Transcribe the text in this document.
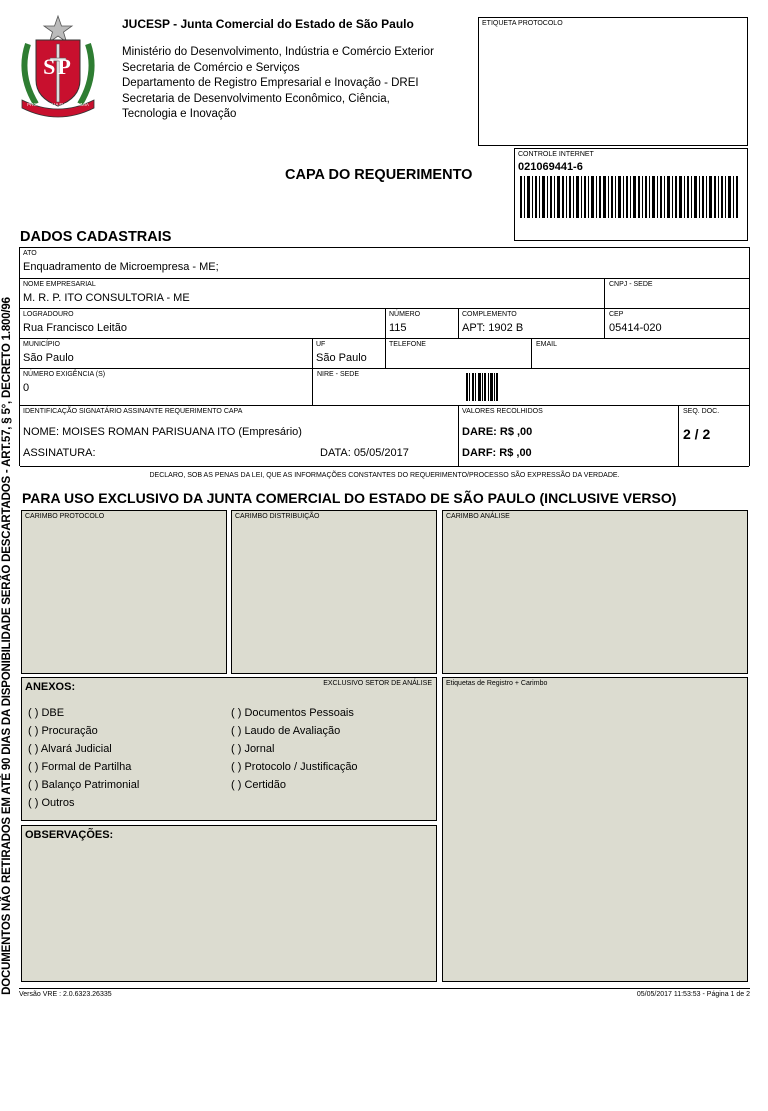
SP
PRO BRASILIA FIANT EXIMIA
JUCESP - Junta Comercial do Estado de São Paulo
Ministério do Desenvolvimento, Indústria e Comércio Exterior
Secretaria de Comércio e Serviços
Departamento de Registro Empresarial e Inovação - DREI
Secretaria de Desenvolvimento Econômico, Ciência,
Tecnologia e Inovação
ETIQUETA PROTOCOLO
CONTROLE INTERNET
021069441-6
CAPA DO REQUERIMENTO
DADOS CADASTRAIS
DOCUMENTOS NÃO RETIRADOS EM ATÉ 90 DIAS DA DISPONIBILIDADE SERÃO DESCARTADOS - ART.57, § 5°, DECRETO 1.800/96
ATO
Enquadramento de Microempresa - ME;
NOME EMPRESARIAL
M. R. P. ITO CONSULTORIA - ME
CNPJ - SEDE
LOGRADOURO
Rua Francisco Leitão
NÚMERO
115
COMPLEMENTO
APT: 1902 B
CEP
05414-020
MUNICÍPIO
São Paulo
UF
São Paulo
TELEFONE	EMAIL
NÚMERO EXIGÊNCIA (S)
0
NIRE - SEDE
IDENTIFICAÇÃO SIGNATÁRIO ASSINANTE REQUERIMENTO CAPA
NOME: MOISES ROMAN PARISUANA ITO (Empresário)
ASSINATURA:	DATA: 05/05/2017
VALORES RECOLHIDOS
DARE: R$ ,00
DARF: R$ ,00
SEQ. DOC.
2 / 2
DECLARO, SOB AS PENAS DA LEI, QUE AS INFORMAÇÕES CONSTANTES DO REQUERIMENTO/PROCESSO SÃO EXPRESSÃO DA VERDADE.
PARA USO EXCLUSIVO DA JUNTA COMERCIAL DO ESTADO DE SÃO PAULO (INCLUSIVE VERSO)
CARIMBO PROTOCOLO	CARIMBO DISTRIBUIÇÃO	CARIMBO ANÁLISE
ANEXOS:	EXCLUSIVO SETOR DE ANÁLISE
( ) DBE
( ) Procuração
( ) Alvará Judicial
( ) Formal de Partilha
( ) Balanço Patrimonial
( ) Outros
( ) Documentos Pessoais
( ) Laudo de Avaliação
( ) Jornal
( ) Protocolo / Justificação
( ) Certidão
Etiquetas de Registro + Carimbo
OBSERVAÇÕES:
Versão VRE : 2.0.6323.26335	05/05/2017 11:53:53 - Página 1 de 2
